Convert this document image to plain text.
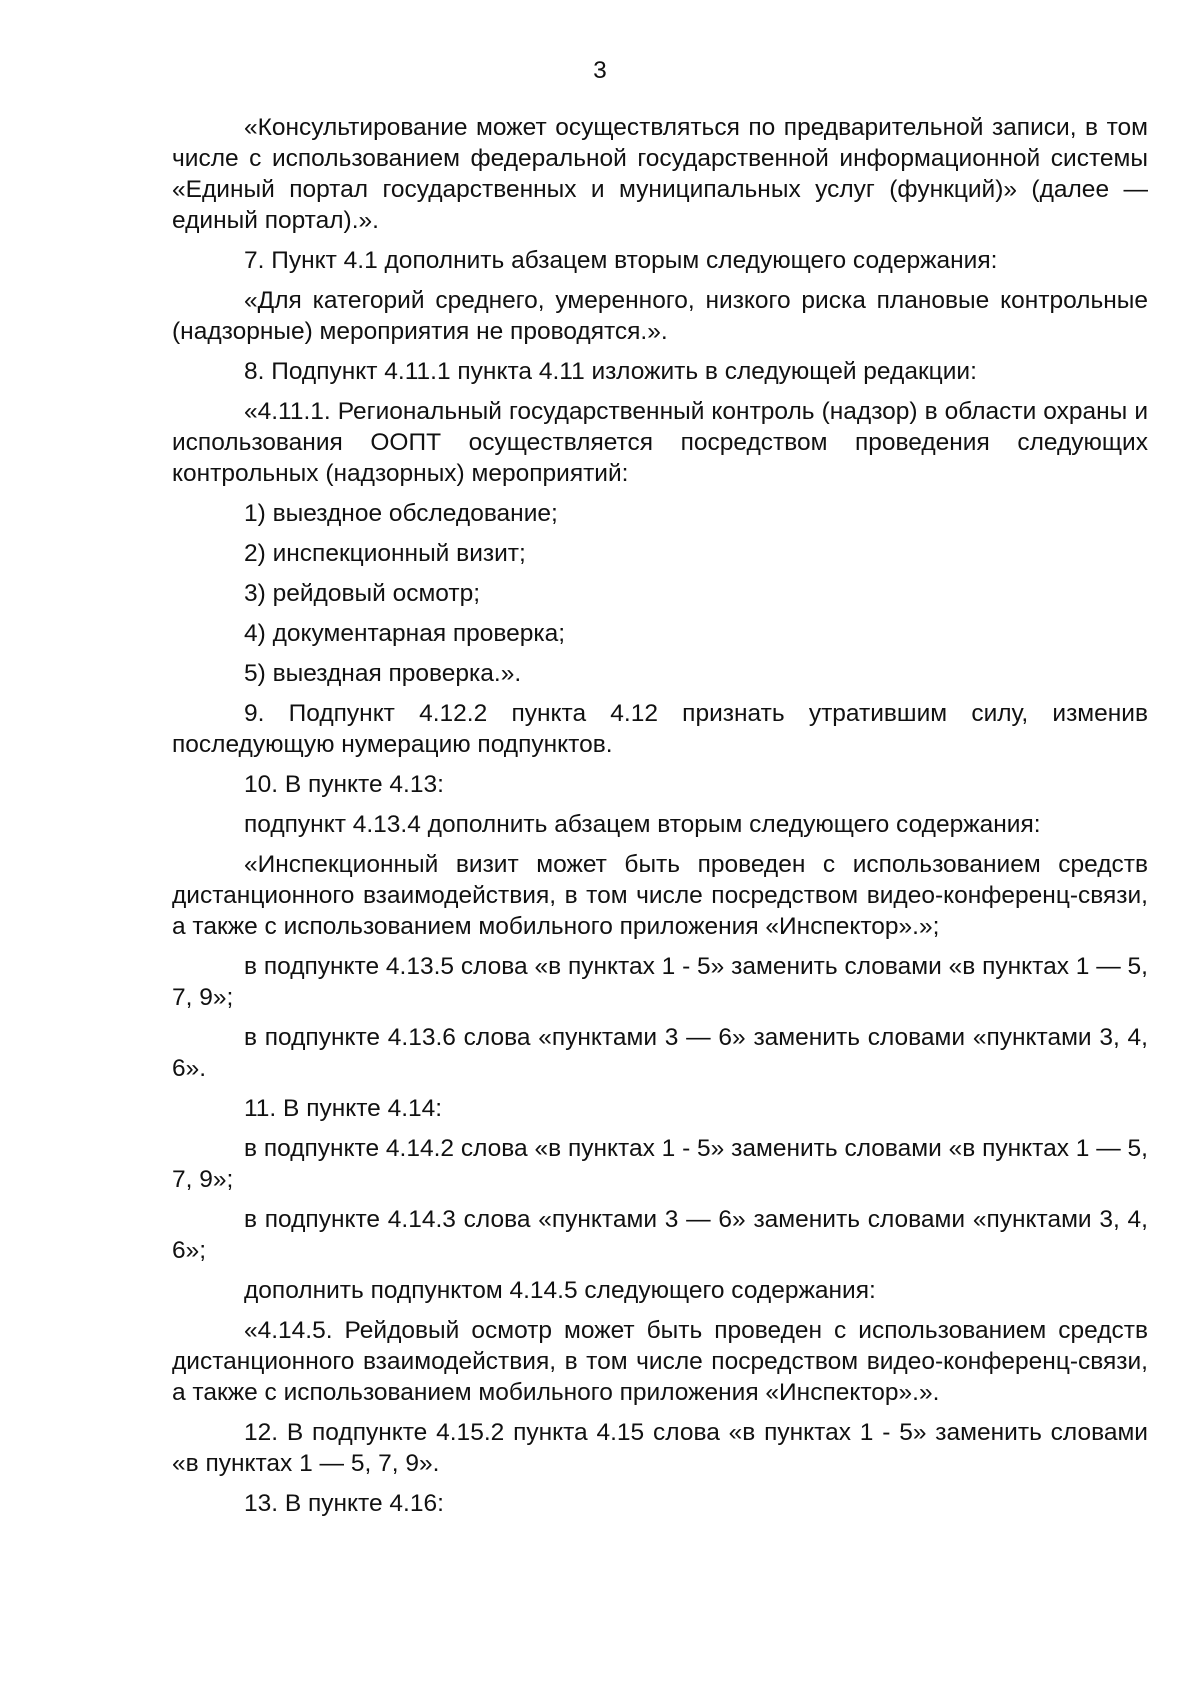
3

«Консультирование может осуществляться по предварительной записи, в том числе с использованием федеральной государственной информационной системы «Единый портал государственных и муниципальных услуг (функций)» (далее — единый портал).».

7. Пункт 4.1 дополнить абзацем вторым следующего содержания:

«Для категорий среднего, умеренного, низкого риска плановые контрольные (надзорные) мероприятия не проводятся.».

8. Подпункт 4.11.1 пункта 4.11 изложить в следующей редакции:

«4.11.1. Региональный государственный контроль (надзор) в области охраны и использования ООПТ осуществляется посредством проведения следующих контрольных (надзорных) мероприятий:

1) выездное обследование;

2) инспекционный визит;

3) рейдовый осмотр;

4) документарная проверка;

5) выездная проверка.».

9. Подпункт 4.12.2 пункта 4.12 признать утратившим силу, изменив последующую нумерацию подпунктов.

10. В пункте 4.13:

подпункт 4.13.4 дополнить абзацем вторым следующего содержания:

«Инспекционный визит может быть проведен с использованием средств дистанционного взаимодействия, в том числе посредством видео-конференц-связи, а также с использованием мобильного приложения «Инспектор».»;

в подпункте 4.13.5 слова «в пунктах 1 - 5» заменить словами «в пунктах 1 — 5, 7, 9»;

в подпункте 4.13.6 слова «пунктами 3 — 6» заменить словами «пунктами 3, 4, 6».

11. В пункте 4.14:

в подпункте 4.14.2 слова «в пунктах 1 - 5» заменить словами «в пунктах 1 — 5, 7, 9»;

в подпункте 4.14.3 слова «пунктами 3 — 6» заменить словами «пунктами 3, 4, 6»;

дополнить подпунктом 4.14.5 следующего содержания:

«4.14.5. Рейдовый осмотр может быть проведен с использованием средств дистанционного взаимодействия, в том числе посредством видео-конференц-связи, а также с использованием мобильного приложения «Инспектор».».

12. В подпункте 4.15.2 пункта 4.15 слова «в пунктах 1 - 5» заменить словами «в пунктах 1 — 5, 7, 9».

13. В пункте 4.16:
